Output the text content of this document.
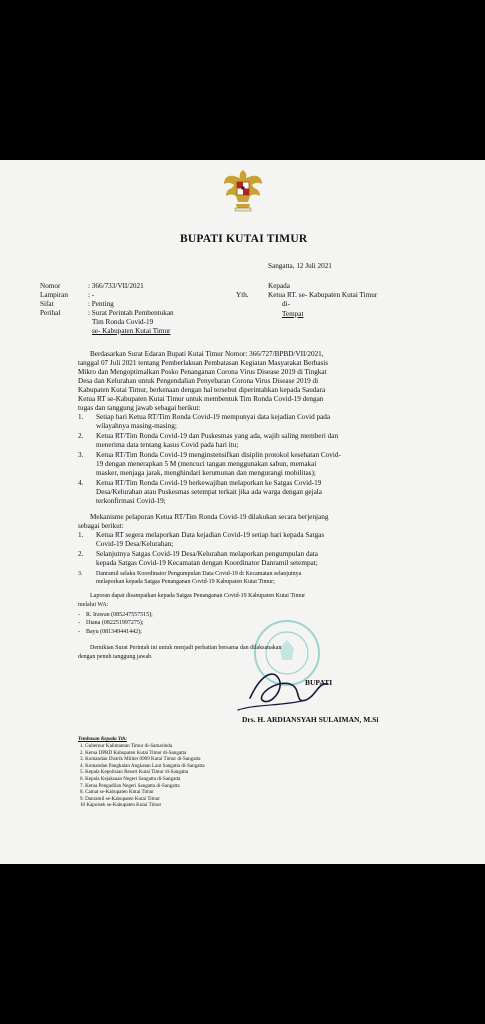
BUPATI KUTAI TIMUR
Sangatta, 12 Juli 2021
Nomor
Lampiran
Sifat
Perihal
: 366/733/VII/2021
: -
: Penting
: Surat Perintah Pembentukan
Tim Ronda Covid-19
se- Kabupaten Kutai Timur
Kepada
Yth.	Ketua RT. se- Kabupaten Kutai Timur
di-
Tempat
Berdasarkan Surat Edaran Bupati Kutai Timur Nomor: 366/727/BPBD/VII/2021,
tanggal 07 Juli 2021 tentang Pemberlakuan Pembatasan Kegiatan Masyarakat Berbasis
Mikro dan Mengoptimalkan Posko Penanganan Corona Virus Disease 2019 di Tingkat
Desa dan Kelurahan untuk Pengendalian Penyebaran Corona Virus Disease 2019 di
Kabupaten Kutai Timur, berkenaan dengan hal tersebut diperintahkan kepada Saudara
Ketua RT se-Kabupaten Kutai Timur untuk membentuk Tim Ronda Covid-19 dengan
tugas dan tanggung jawab sebagai berikut:
1. Setiap hari Ketua RT/Tim Ronda Covid-19 mempunyai data kejadian Covid pada
wilayahnya masing-masing;
2. Ketua RT/Tim Ronda Covid-19 dan Puskesmas yang ada, wajib saling memberi dan
menerima data tentang kasus Covid pada hari itu;
3. Ketua RT/Tim Ronda Covid-19 menginstensifkan disiplin protokol kesehatan Covid-
19 dengan menerapkan 5 M (mencuci tangan menggunakan sabun, memakai
masker, menjaga jarak, menghindari kerumunan dan mengurangi mobilitas);
4. Ketua RT/Tim Ronda Covid-19 berkewajiban melaporkan ke Satgas Covid-19
Desa/Kelurahan atau Puskesmas setempat terkait jika ada warga dengan gejala
terkonfirmasi Covid-19;
Mekanisme pelaporan Ketua RT/Tim Ronda Covid-19 dilakukan secara berjenjang
sebagai berikut:
1. Ketua RT segera melaporkan Data kejadian Covid-19 setiap hari kepada Satgas
Covid-19 Desa/Kelurahan;
2. Selanjutnya Satgas Covid-19 Desa/Kelurahan melaporkan pengumpulan data
kepada Satgas Covid-19 Kecamatan dengan Koordinator Danramil setempat;
3. Danramil selaku Koordinator Pengumpulan Data Covid-19 di Kecamatan selanjutnya
melaporkan kepada Satgas Penanganan Covid-19 Kabupaten Kutai Timur;
Laporan dapat disampaikan kepada Satgas Penanganan Covid-19 Kabupaten Kutai Timur
melalui WA:
-    R. Irawan (085247557515);
-    Diana (082251997275);
-    Bayu (081349441442);
Demikian Surat Perintah ini untuk menjadi perhatian bersama dan dilaksanakan
dengan penuh tanggung jawab.
BUPATI
Drs. H. ARDIANSYAH SULAIMAN, M.Si
Tembusan Kepada Yth:
1. Gubernur Kalimantan Timur di-Samarinda
2. Ketua DPRD Kabupaten Kutai Timur di-Sangatta
3. Komandan Distrik Militer 0909 Kutai Timur di-Sangatta
4. Komandan Pangkalan Angkatan Laut Sangatta di-Sangatta
5. Kepala Kepolisian Resort Kutai Timur di-Sangatta
6. Kepala Kejaksaan Negeri Sangatta di-Sangatta
7. Ketua Pengadilan Negeri Sangatta di-Sangatta
8. Camat se-Kabupaten Kutai Timur
9. Danramil se-Kabupaten Kutai Timur
10 Kapolsek se-Kabupaten Kutai Timur
